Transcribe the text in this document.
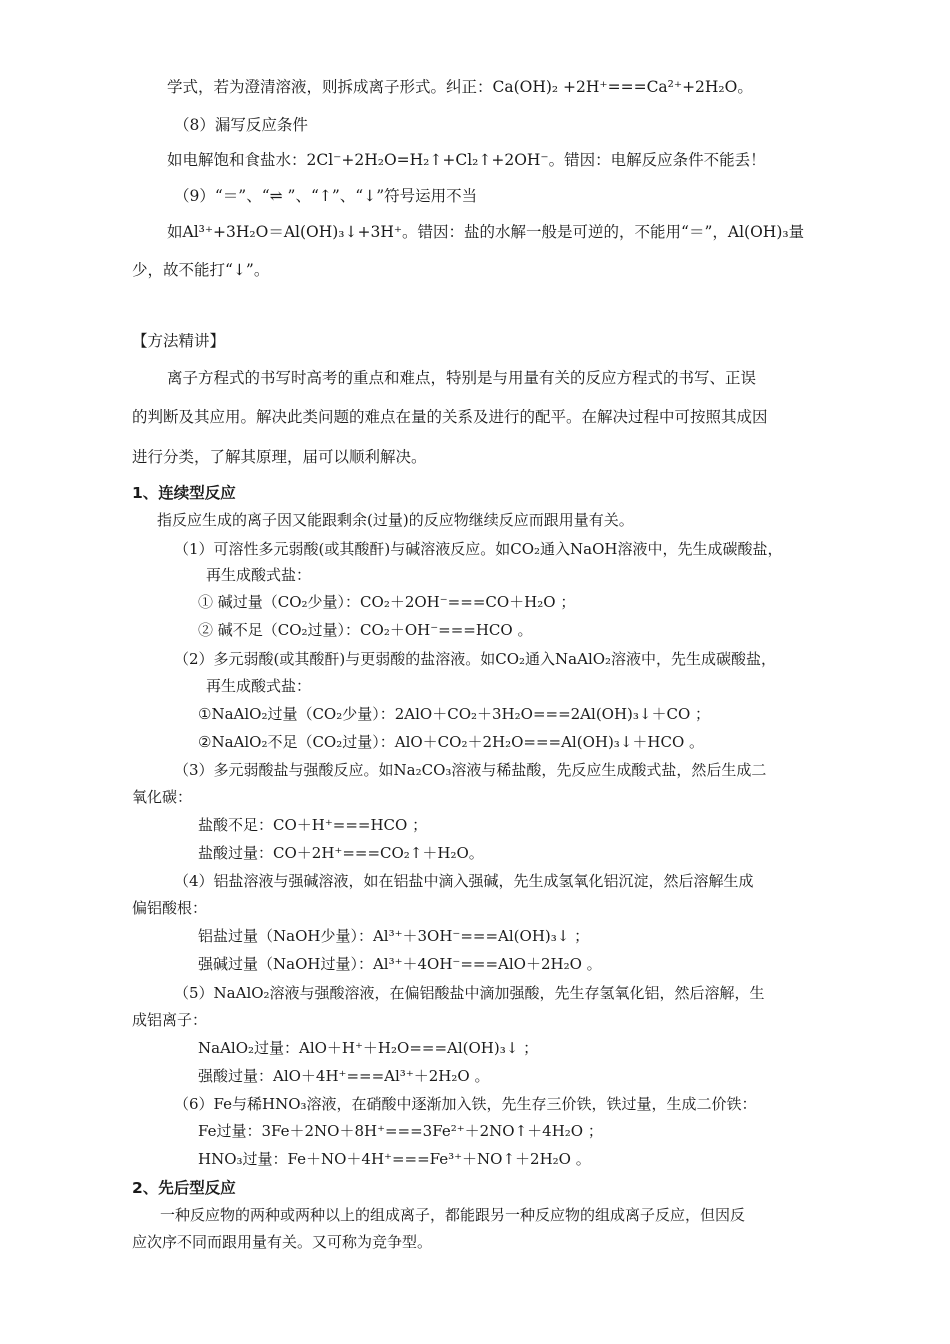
学式，若为澄清溶液，则拆成离子形式。纠正：Ca(OH)₂ +2H⁺===Ca²⁺+2H₂O。
（8）漏写反应条件
如电解饱和食盐水：2Cl⁻+2H₂O=H₂↑+Cl₂↑+2OH⁻。错因：电解反应条件不能丢！
（9）“＝”、“⇌ ”、“↑”、“↓”符号运用不当
如Al³⁺+3H₂O＝Al(OH)₃↓+3H⁺。错因：盐的水解一般是可逆的，不能用“＝”，Al(OH)₃量
少，故不能打“↓”。
【方法精讲】
离子方程式的书写时高考的重点和难点，特别是与用量有关的反应方程式的书写、正误
的判断及其应用。解决此类问题的难点在量的关系及进行的配平。在解决过程中可按照其成因
进行分类，了解其原理，届可以顺利解决。
1、连续型反应
指反应生成的离子因又能跟剩余(过量)的反应物继续反应而跟用量有关。
（1）可溶性多元弱酸(或其酸酐)与碱溶液反应。如CO₂通入NaOH溶液中，先生成碳酸盐，
再生成酸式盐：
① 碱过量（CO₂少量）：CO₂＋2OH⁻===CO＋H₂O ；
② 碱不足（CO₂过量）：CO₂＋OH⁻===HCO 。
（2）多元弱酸(或其酸酐)与更弱酸的盐溶液。如CO₂通入NaAlO₂溶液中，先生成碳酸盐，
再生成酸式盐：
①NaAlO₂过量（CO₂少量）：2AlO＋CO₂＋3H₂O===2Al(OH)₃↓＋CO ；
②NaAlO₂不足（CO₂过量）：AlO＋CO₂＋2H₂O===Al(OH)₃↓＋HCO 。
（3）多元弱酸盐与强酸反应。如Na₂CO₃溶液与稀盐酸，先反应生成酸式盐，然后生成二
氧化碳：
盐酸不足：CO＋H⁺===HCO ；
盐酸过量：CO＋2H⁺===CO₂↑＋H₂O。
（4）铝盐溶液与强碱溶液，如在铝盐中滴入强碱，先生成氢氧化铝沉淀，然后溶解生成
偏铝酸根：
铝盐过量（NaOH少量）：Al³⁺＋3OH⁻===Al(OH)₃↓ ；
强碱过量（NaOH过量）：Al³⁺＋4OH⁻===AlO＋2H₂O 。
（5）NaAlO₂溶液与强酸溶液，在偏铝酸盐中滴加强酸，先生存氢氧化铝，然后溶解，生
成铝离子：
NaAlO₂过量：AlO＋H⁺＋H₂O===Al(OH)₃↓ ；
强酸过量：AlO＋4H⁺===Al³⁺＋2H₂O 。
（6）Fe与稀HNO₃溶液，在硝酸中逐渐加入铁，先生存三价铁，铁过量，生成二价铁：
Fe过量：3Fe＋2NO＋8H⁺===3Fe²⁺＋2NO↑＋4H₂O ；
HNO₃过量：Fe＋NO＋4H⁺===Fe³⁺＋NO↑＋2H₂O 。
2、先后型反应
一种反应物的两种或两种以上的组成离子，都能跟另一种反应物的组成离子反应，但因反
应次序不同而跟用量有关。又可称为竞争型。
